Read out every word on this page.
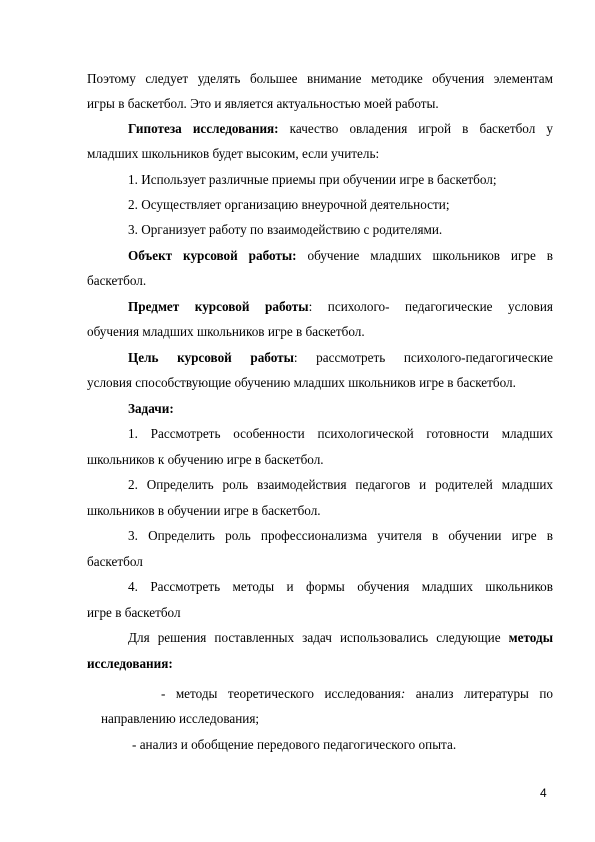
Поэтому следует уделять большее внимание методике обучения элементам
игры в баскетбол. Это и является актуальностью моей работы.
Гипотеза исследования: качество овладения игрой в баскетбол у
младших школьников будет высоким, если учитель:
1. Использует различные приемы при обучении игре в баскетбол;
2. Осуществляет организацию внеурочной деятельности;
3. Организует работу по взаимодействию с родителями.
Объект курсовой работы: обучение младших школьников игре в
баскетбол.
Предмет курсовой работы: психолого- педагогические условия
обучения младших школьников игре в баскетбол.
Цель курсовой работы: рассмотреть психолого-педагогические
условия способствующие обучению младших школьников игре в баскетбол.
Задачи:
1. Рассмотреть особенности психологической готовности младших
школьников к обучению игре в баскетбол.
2. Определить роль взаимодействия педагогов и родителей младших
школьников в обучении игре в баскетбол.
3. Определить роль профессионализма учителя в обучении игре в
баскетбол
4. Рассмотреть методы и формы обучения младших школьников
игре в баскетбол
Для решения поставленных задач использовались следующие методы
исследования:
- методы теоретического исследования: анализ литературы по
направлению исследования;
- анализ и обобщение передового педагогического опыта.
4
